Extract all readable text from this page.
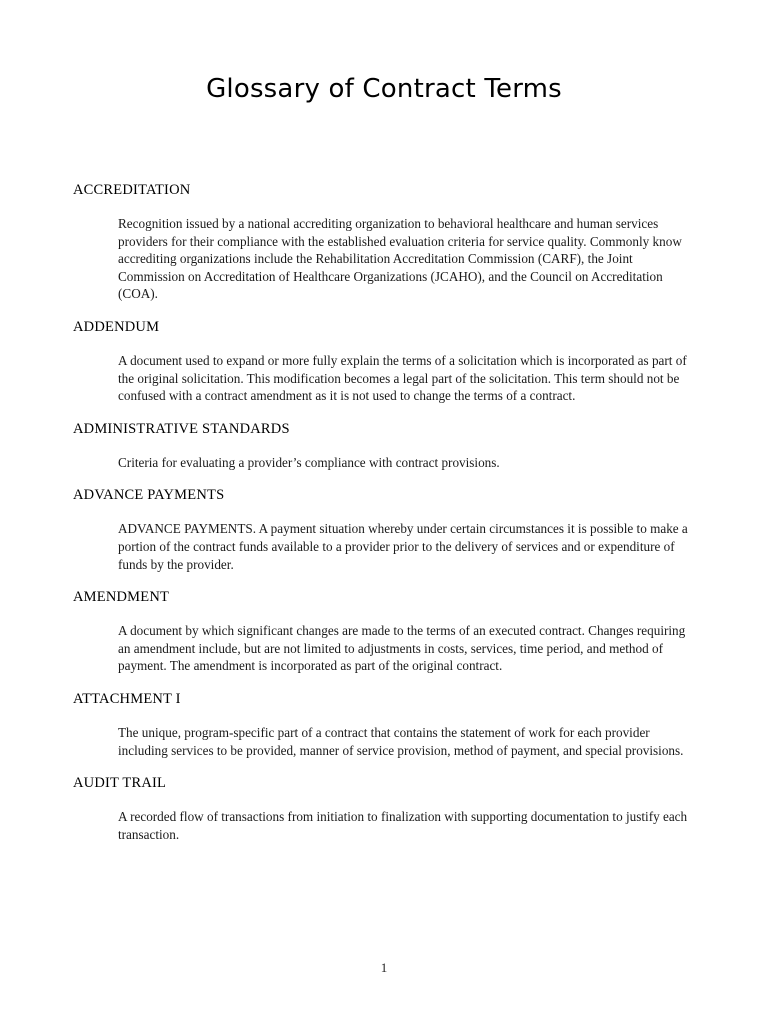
Glossary of Contract Terms
ACCREDITATION
Recognition issued by a national accrediting organization to behavioral healthcare and human services providers for their compliance with the established evaluation criteria for service quality. Commonly know accrediting organizations include the Rehabilitation Accreditation Commission (CARF), the Joint Commission on Accreditation of Healthcare Organizations (JCAHO), and the Council on Accreditation (COA).
ADDENDUM
A document used to expand or more fully explain the terms of a solicitation which is incorporated as part of the original solicitation. This modification becomes a legal part of the solicitation. This term should not be confused with a contract amendment as it is not used to change the terms of a contract.
ADMINISTRATIVE STANDARDS
Criteria for evaluating a provider’s compliance with contract provisions.
ADVANCE PAYMENTS
ADVANCE PAYMENTS. A payment situation whereby under certain circumstances it is possible to make a portion of the contract funds available to a provider prior to the delivery of services and or expenditure of funds by the provider.
AMENDMENT
A document by which significant changes are made to the terms of an executed contract. Changes requiring an amendment include, but are not limited to adjustments in costs, services, time period, and method of payment. The amendment is incorporated as part of the original contract.
ATTACHMENT I
The unique, program-specific part of a contract that contains the statement of work for each provider including services to be provided, manner of service provision, method of payment, and special provisions.
AUDIT TRAIL
A recorded flow of transactions from initiation to finalization with supporting documentation to justify each transaction.
1
